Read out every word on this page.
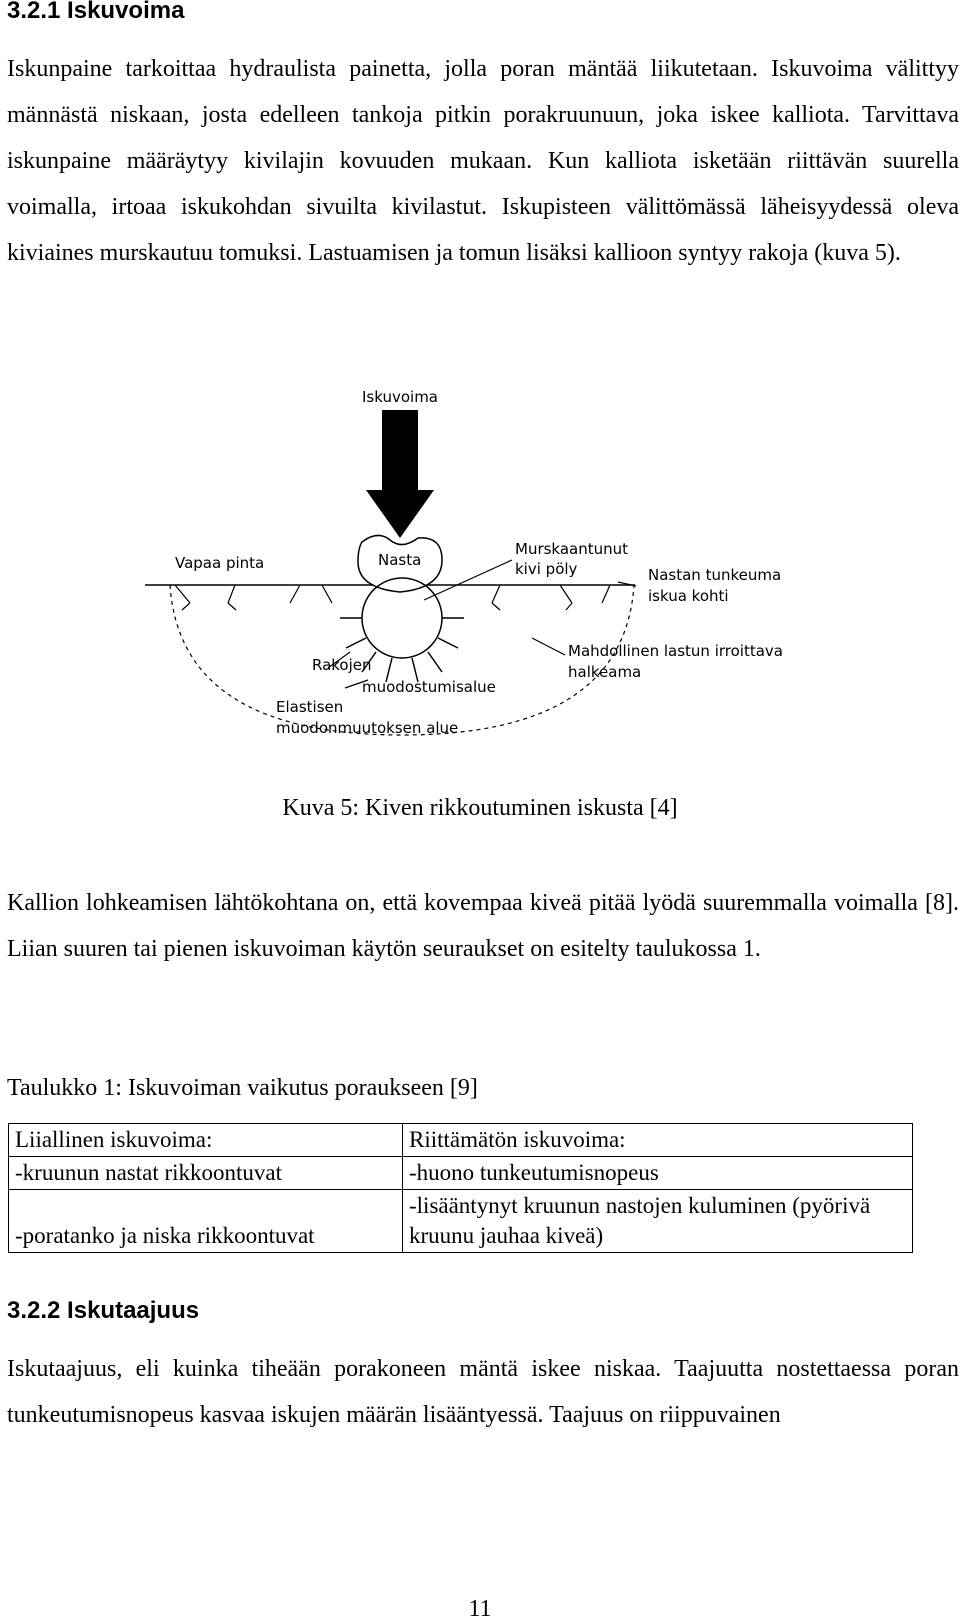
3.2.1 Iskuvoima

Iskunpaine tarkoittaa hydraulista painetta, jolla poran mäntää liikutetaan. Iskuvoima välittyy männästä niskaan, josta edelleen tankoja pitkin porakruunuun, joka iskee kalliota. Tarvittava iskunpaine määräytyy kivilajin kovuuden mukaan. Kun kalliota isketään riittävän suurella voimalla, irtoaa iskukohdan sivuilta kivilastut. Iskupisteen välittömässä läheisyydessä oleva kiviaines murskautuu tomuksi. Lastuamisen ja tomun lisäksi kallioon syntyy rakoja (kuva 5).

Iskuvoima
Vapaa pinta	Nasta
Murskaantunut
kivi pöly	Nastan tunkeuma
iskua kohti
Mahdollinen lastun irroittava
halkeama
Rakojen
muodostumisalue
Elastisen
muodonmuutoksen alue

Kuva 5: Kiven rikkoutuminen iskusta [4]

Kallion lohkeamisen lähtökohtana on, että kovempaa kiveä pitää lyödä suuremmalla voimalla [8]. Liian suuren tai pienen iskuvoiman käytön seuraukset on esitelty taulukossa 1.

Taulukko 1: Iskuvoiman vaikutus poraukseen [9]

Liiallinen iskuvoima:	Riittämätön iskuvoima:
-kruunun nastat rikkoontuvat	-huono tunkeutumisnopeus
-poratanko ja niska rikkoontuvat	-lisääntynyt kruunun nastojen kuluminen (pyörivä kruunu jauhaa kiveä)
3.2.2 Iskutaajuus

Iskutaajuus, eli kuinka tiheään porakoneen mäntä iskee niskaa. Taajuutta nostettaessa poran tunkeutumisnopeus kasvaa iskujen määrän lisääntyessä. Taajuus on riippuvainen

11
